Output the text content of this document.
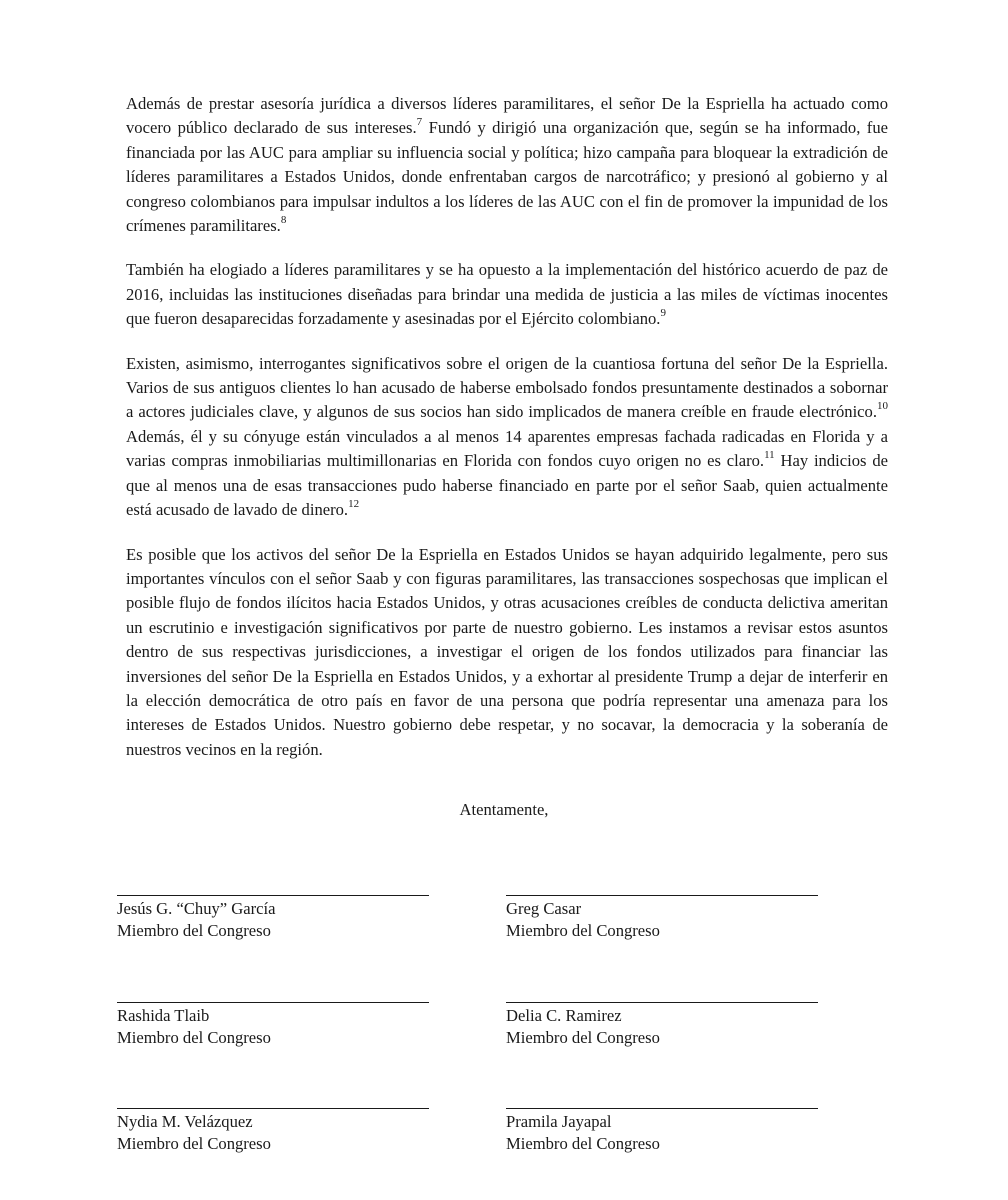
Además de prestar asesoría jurídica a diversos líderes paramilitares, el señor De la Espriella ha actuado como vocero público declarado de sus intereses.$^7$ Fundó y dirigió una organización que, según se ha informado, fue financiada por las AUC para ampliar su influencia social y política; hizo campaña para bloquear la extradición de líderes paramilitares a Estados Unidos, donde enfrentaban cargos de narcotráfico; y presionó al gobierno y al congreso colombianos para impulsar indultos a los líderes de las AUC con el fin de promover la impunidad de los crímenes paramilitares.$^8$

También ha elogiado a líderes paramilitares y se ha opuesto a la implementación del histórico acuerdo de paz de 2016, incluidas las instituciones diseñadas para brindar una medida de justicia a las miles de víctimas inocentes que fueron desaparecidas forzadamente y asesinadas por el Ejército colombiano.$^9$

Existen, asimismo, interrogantes significativos sobre el origen de la cuantiosa fortuna del señor De la Espriella. Varios de sus antiguos clientes lo han acusado de haberse embolsado fondos presuntamente destinados a sobornar a actores judiciales clave, y algunos de sus socios han sido implicados de manera creíble en fraude electrónico.$^{10}$ Además, él y su cónyuge están vinculados a al menos 14 aparentes empresas fachada radicadas en Florida y a varias compras inmobiliarias multimillonarias en Florida con fondos cuyo origen no es claro.$^{11}$ Hay indicios de que al menos una de esas transacciones pudo haberse financiado en parte por el señor Saab, quien actualmente está acusado de lavado de dinero.$^{12}$

Es posible que los activos del señor De la Espriella en Estados Unidos se hayan adquirido legalmente, pero sus importantes vínculos con el señor Saab y con figuras paramilitares, las transacciones sospechosas que implican el posible flujo de fondos ilícitos hacia Estados Unidos, y otras acusaciones creíbles de conducta delictiva ameritan un escrutinio e investigación significativos por parte de nuestro gobierno. Les instamos a revisar estos asuntos dentro de sus respectivas jurisdicciones, a investigar el origen de los fondos utilizados para financiar las inversiones del señor De la Espriella en Estados Unidos, y a exhortar al presidente Trump a dejar de interferir en la elección democrática de otro país en favor de una persona que podría representar una amenaza para los intereses de Estados Unidos. Nuestro gobierno debe respetar, y no socavar, la democracia y la soberanía de nuestros vecinos en la región.

Atentamente,
Jesús G. “Chuy” García
Miembro del Congreso
Greg Casar
Miembro del Congreso
Rashida Tlaib
Miembro del Congreso
Delia C. Ramirez
Miembro del Congreso
Nydia M. Velázquez
Miembro del Congreso
Pramila Jayapal
Miembro del Congreso
